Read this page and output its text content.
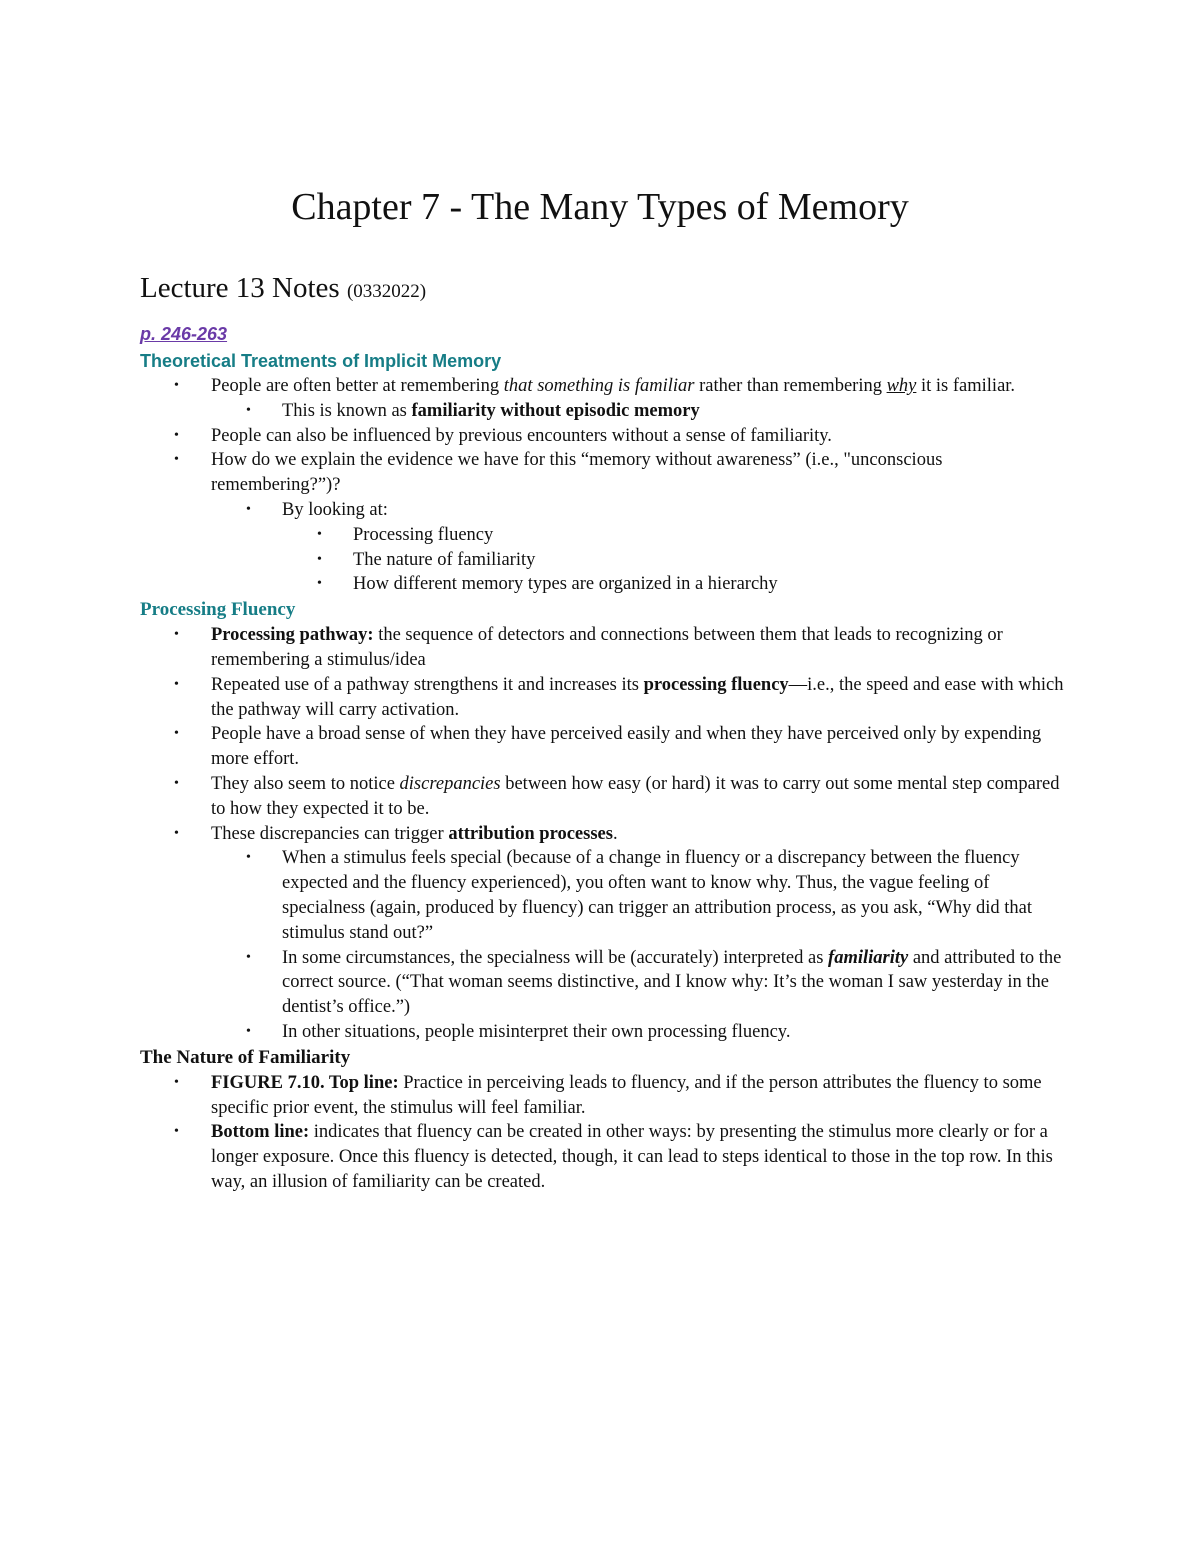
Chapter 7 - The Many Types of Memory
Lecture 13 Notes (0332022)
p. 246-263
Theoretical Treatments of Implicit Memory
• People are often better at remembering that something is familiar rather than remembering why it is familiar.
• This is known as familiarity without episodic memory
• People can also be influenced by previous encounters without a sense of familiarity.
• How do we explain the evidence we have for this “memory without awareness” (i.e., "unconscious remembering?”)?
• By looking at:
• Processing fluency
• The nature of familiarity
• How different memory types are organized in a hierarchy
Processing Fluency
• Processing pathway: the sequence of detectors and connections between them that leads to recognizing or remembering a stimulus/idea
• Repeated use of a pathway strengthens it and increases its processing fluency—i.e., the speed and ease with which the pathway will carry activation.
• People have a broad sense of when they have perceived easily and when they have perceived only by expending more effort.
• They also seem to notice discrepancies between how easy (or hard) it was to carry out some mental step compared to how they expected it to be.
• These discrepancies can trigger attribution processes.
• When a stimulus feels special (because of a change in fluency or a discrepancy between the fluency expected and the fluency experienced), you often want to know why. Thus, the vague feeling of specialness (again, produced by fluency) can trigger an attribution process, as you ask, “Why did that stimulus stand out?”
• In some circumstances, the specialness will be (accurately) interpreted as familiarity and attributed to the correct source. (“That woman seems distinctive, and I know why: It’s the woman I saw yesterday in the dentist’s office.”)
• In other situations, people misinterpret their own processing fluency.
The Nature of Familiarity
• FIGURE 7.10. Top line: Practice in perceiving leads to fluency, and if the person attributes the fluency to some specific prior event, the stimulus will feel familiar.
• Bottom line: indicates that fluency can be created in other ways: by presenting the stimulus more clearly or for a longer exposure. Once this fluency is detected, though, it can lead to steps identical to those in the top row. In this way, an illusion of familiarity can be created.
